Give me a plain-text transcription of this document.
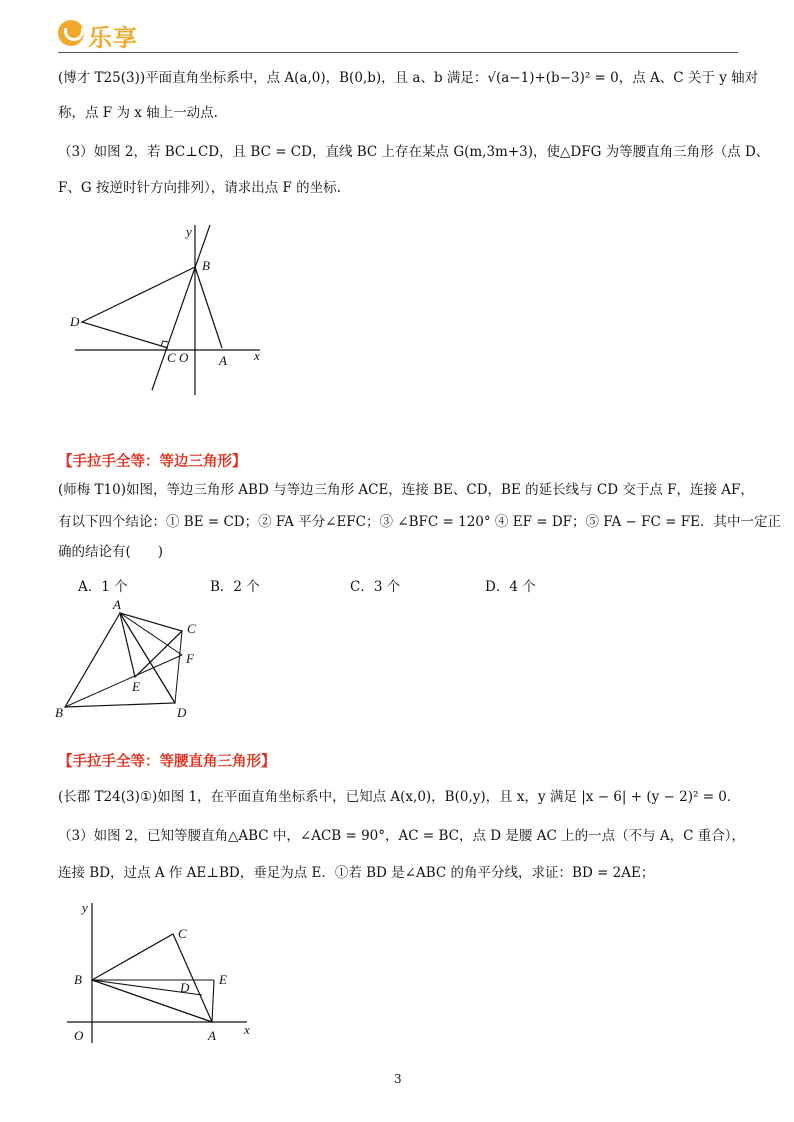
乐享
(博才 T25(3))平面直角坐标系中，点 A(a,0)，B(0,b)，且 a、b 满足：√(a−1)+(b−3)² = 0，点 A、C 关于 y 轴对
称，点 F 为 x 轴上一动点.
（3）如图 2，若 BC⊥CD，且 BC = CD，直线 BC 上存在某点 G(m,3m+3)，使△DFG 为等腰直角三角形（点 D、
F、G 按逆时针方向排列），请求出点 F 的坐标.
y
B
D
C O A x
【手拉手全等：等边三角形】
(师梅 T10)如图，等边三角形 ABD 与等边三角形 ACE，连接 BE、CD，BE 的延长线与 CD 交于点 F，连接 AF，
有以下四个结论：① BE = CD；② FA 平分∠EFC；③ ∠BFC = 120° ④ EF = DF；⑤ FA − FC = FE．其中一定正
确的结论有(　　)
A．1 个	B．2 个	C．3 个	D．4 个
A
C
F
E
B	D
【手拉手全等：等腰直角三角形】
(长郡 T24(3)①)如图 1，在平面直角坐标系中，已知点 A(x,0)，B(0,y)，且 x，y 满足 |x − 6| + (y − 2)² = 0．
（3）如图 2，已知等腰直角△ABC 中，∠ACB = 90°，AC = BC，点 D 是腰 AC 上的一点（不与 A，C 重合），
连接 BD，过点 A 作 AE⊥BD，垂足为点 E．①若 BD 是∠ABC 的角平分线，求证：BD = 2AE；
y
C
B	E
D
O	A x
3
